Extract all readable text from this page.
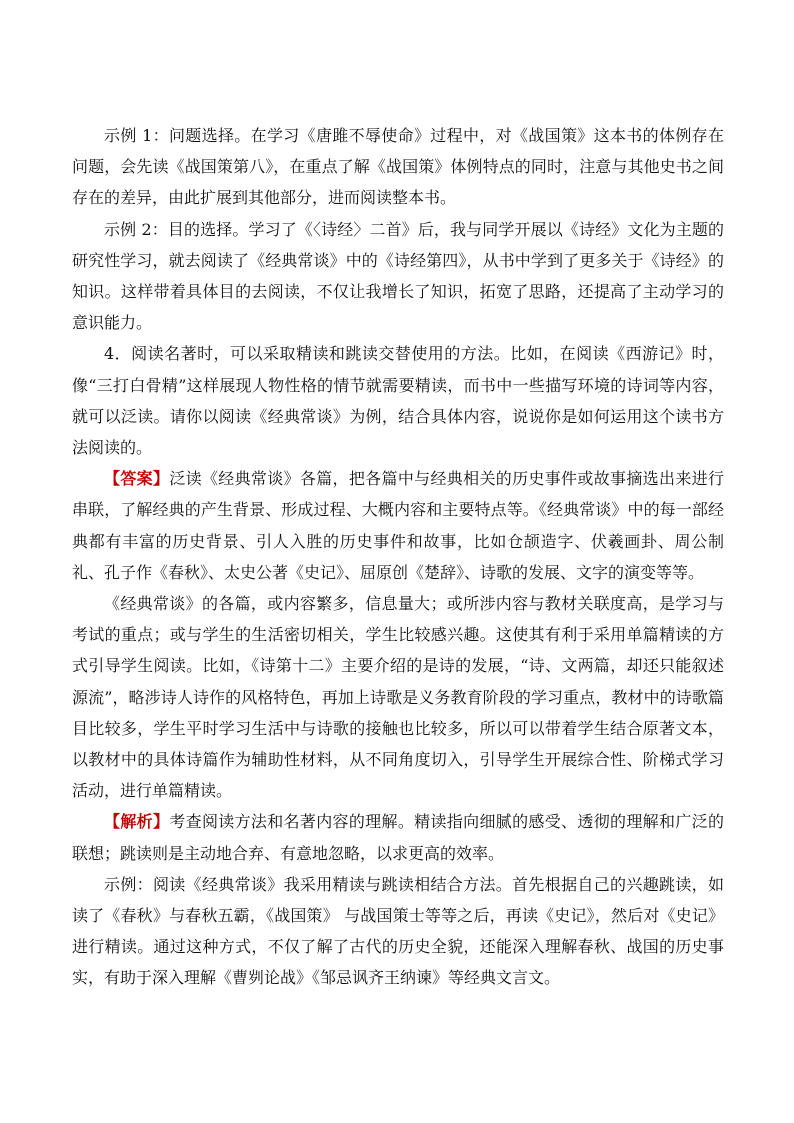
示例 1：问题选择。在学习《唐雎不辱使命》过程中，对《战国策》这本书的体例存在问题，会先读《战国策第八》，在重点了解《战国策》体例特点的同时，注意与其他史书之间存在的差异，由此扩展到其他部分，进而阅读整本书。

示例 2：目的选择。学习了《〈诗经〉二首》后，我与同学开展以《诗经》文化为主题的研究性学习，就去阅读了《经典常谈》中的《诗经第四》，从书中学到了更多关于《诗经》的知识。这样带着具体目的去阅读，不仅让我增长了知识，拓宽了思路，还提高了主动学习的意识能力。

4．阅读名著时，可以采取精读和跳读交替使用的方法。比如，在阅读《西游记》时，像“三打白骨精”这样展现人物性格的情节就需要精读，而书中一些描写环境的诗词等内容，就可以泛读。请你以阅读《经典常谈》为例，结合具体内容，说说你是如何运用这个读书方法阅读的。

【答案】泛读《经典常谈》各篇，把各篇中与经典相关的历史事件或故事摘选出来进行串联，了解经典的产生背景、形成过程、大概内容和主要特点等。《经典常谈》中的每一部经典都有丰富的历史背景、引人入胜的历史事件和故事，比如仓颉造字、伏羲画卦、周公制礼、孔子作《春秋》、太史公著《史记》、屈原创《楚辞》、诗歌的发展、文字的演变等等。

《经典常谈》的各篇，或内容繁多，信息量大；或所涉内容与教材关联度高，是学习与考试的重点；或与学生的生活密切相关，学生比较感兴趣。这使其有利于采用单篇精读的方式引导学生阅读。比如，《诗第十二》主要介绍的是诗的发展，“诗、文两篇，却还只能叙述源流”，略涉诗人诗作的风格特色，再加上诗歌是义务教育阶段的学习重点，教材中的诗歌篇目比较多，学生平时学习生活中与诗歌的接触也比较多，所以可以带着学生结合原著文本，以教材中的具体诗篇作为辅助性材料，从不同角度切入，引导学生开展综合性、阶梯式学习活动，进行单篇精读。

【解析】考查阅读方法和名著内容的理解。精读指向细腻的感受、透彻的理解和广泛的联想；跳读则是主动地合弃、有意地忽略，以求更高的效率。

示例：阅读《经典常谈》我采用精读与跳读相结合方法。首先根据自己的兴趣跳读，如读了《春秋》与春秋五霸，《战国策》 与战国策士等等之后，再读《史记》，然后对《史记》进行精读。通过这种方式，不仅了解了古代的历史全貌，还能深入理解春秋、战国的历史事实，有助于深入理解《曹刿论战》《邹忌讽齐王纳谏》等经典文言文。
